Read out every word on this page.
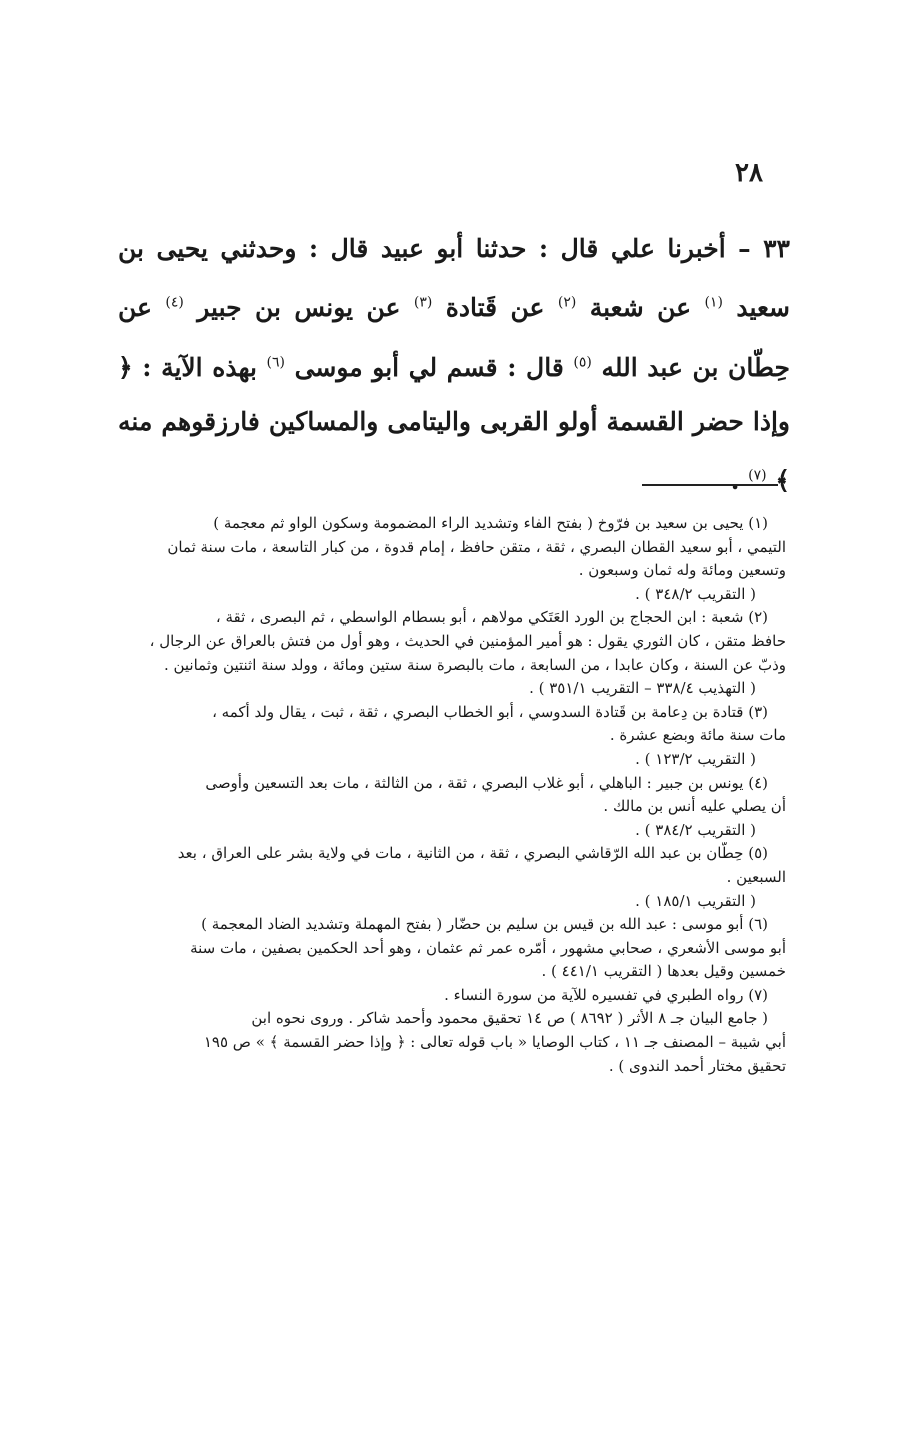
٢٨
٣٣ – أخبرنا علي قال : حدثنا أبو عبيد قال : وحدثني يحيى بن سعيد $^{(١)}$ عن شعبة $^{(٢)}$ عن قَتادة $^{(٣)}$ عن يونس بن جبير $^{(٤)}$ عن حِطّان بن عبد الله $^{(٥)}$ قال : قسم لي أبو موسى $^{(٦)}$ بهذه الآية : ﴿ وإذا حضر القسمة أولو القربى واليتامى والمساكين فارزقوهم منه ﴾ $^{(٧)}$ .
(١) يحيى بن سعيد بن فرّوخ ( بفتح الفاء وتشديد الراء المضمومة وسكون الواو ثم معجمة )
التيمي ، أبو سعيد القطان البصري ، ثقة ، متقن حافظ ، إمام قدوة ، من كبار التاسعة ، مات سنة ثمان
وتسعين ومائة وله ثمان وسبعون .
( التقريب ٣٤٨/٢ ) .
(٢) شعبة : ابن الحجاج بن الورد العَتَكي مولاهم ، أبو بسطام الواسطي ، ثم البصرى ، ثقة ،
حافظ متقن ، كان الثوري يقول : هو أمير المؤمنين في الحديث ، وهو أول من فتش بالعراق عن الرجال ،
وذبّ عن السنة ، وكان عابدا ، من السابعة ، مات بالبصرة سنة ستين ومائة ، وولد سنة اثنتين وثمانين .
( التهذيب ٣٣٨/٤ – التقريب ٣٥١/١ ) .
(٣) قتادة بن دِعامة بن قَتادة السدوسي ، أبو الخطاب البصري ، ثقة ، ثبت ، يقال ولد أكمه ،
مات سنة مائة وبضع عشرة .
( التقريب ١٢٣/٢ ) .
(٤) يونس بن جبير : الباهلي ، أبو غلاب البصري ، ثقة ، من الثالثة ، مات بعد التسعين وأوصى
أن يصلي عليه أنس بن مالك .
( التقريب ٣٨٤/٢ ) .
(٥) حِطّان بن عبد الله الرّقاشي البصري ، ثقة ، من الثانية ، مات في ولاية بشر على العراق ، بعد
السبعين .
( التقريب ١٨٥/١ ) .
(٦) أبو موسى : عبد الله بن قيس بن سليم بن حضّار ( بفتح المهملة وتشديد الضاد المعجمة )
أبو موسى الأشعري ، صحابي مشهور ، أمّره عمر ثم عثمان ، وهو أحد الحكمين بصفين ، مات سنة
خمسين وقيل بعدها ( التقريب ٤٤١/١ ) .
(٧) رواه الطبري في تفسيره للآية من سورة النساء .
( جامع البيان جـ ٨ الأثر ( ٨٦٩٢ ) ص ١٤ تحقيق محمود وأحمد شاكر . وروى نحوه ابن
أبي شيبة – المصنف جـ ١١ ، كتاب الوصايا « باب قوله تعالى : ﴿ وإذا حضر القسمة ﴾ » ص ١٩٥
تحقيق مختار أحمد الندوى ) .
